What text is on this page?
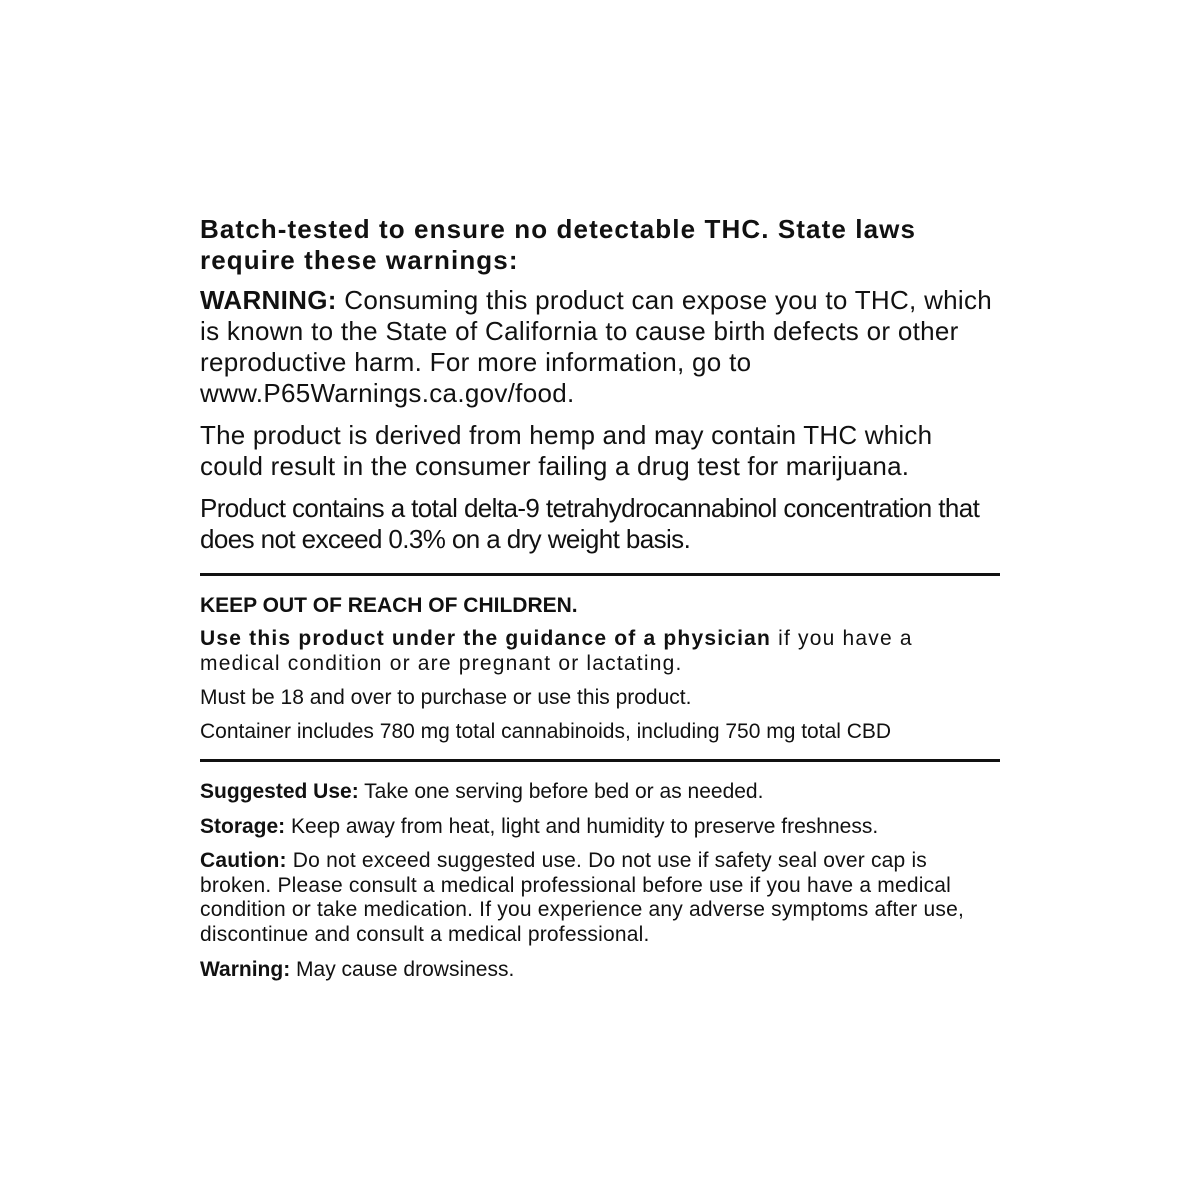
Batch-tested to ensure no detectable THC. State laws require these warnings:

WARNING: Consuming this product can expose you to THC, which is known to the State of California to cause birth defects or other reproductive harm. For more information, go to www.P65Warnings.ca.gov/food.

The product is derived from hemp and may contain THC which could result in the consumer failing a drug test for marijuana.

Product contains a total delta-9 tetrahydrocannabinol concentration that does not exceed 0.3% on a dry weight basis.

KEEP OUT OF REACH OF CHILDREN.

Use this product under the guidance of a physician if you have a medical condition or are pregnant or lactating.

Must be 18 and over to purchase or use this product.

Container includes 780 mg total cannabinoids, including 750 mg total CBD

Suggested Use: Take one serving before bed or as needed.

Storage: Keep away from heat, light and humidity to preserve freshness.

Caution: Do not exceed suggested use. Do not use if safety seal over cap is broken. Please consult a medical professional before use if you have a medical condition or take medication. If you experience any adverse symptoms after use, discontinue and consult a medical professional.

Warning: May cause drowsiness.
